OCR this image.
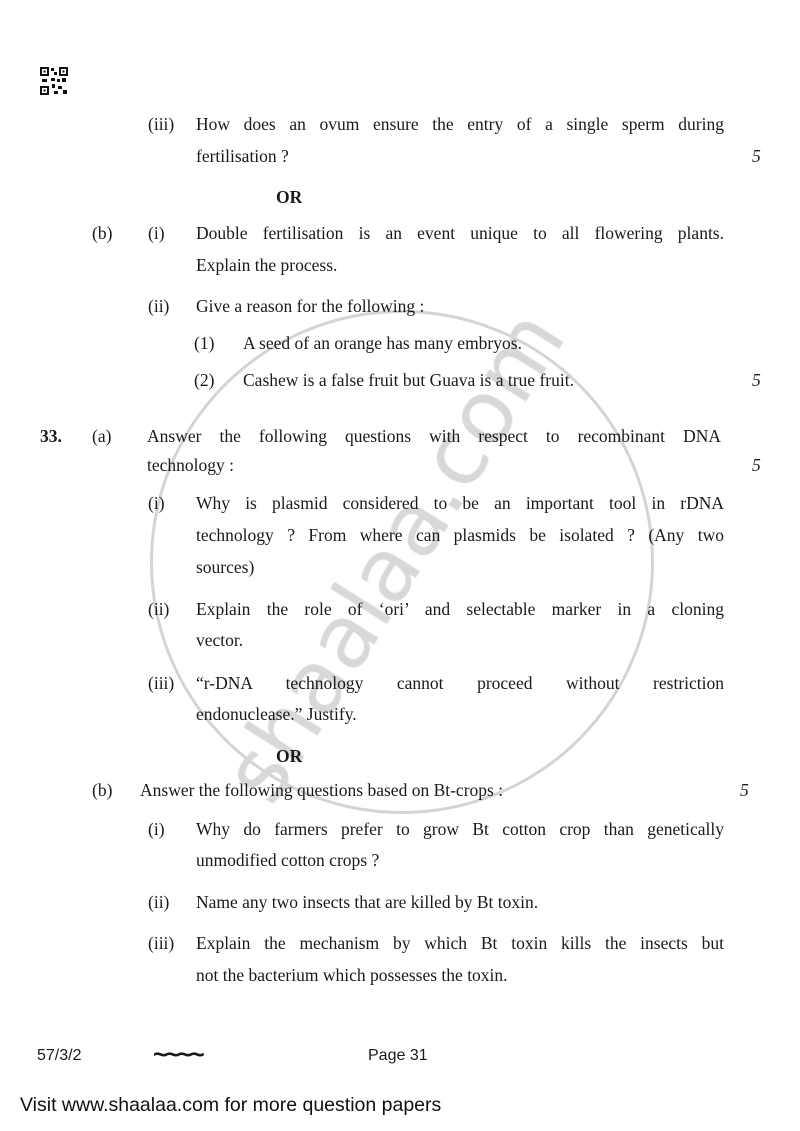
(iii) How does an ovum ensure the entry of a single sperm during
fertilisation ?	5
OR
(b) (i) Double fertilisation is an event unique to all flowering plants.
Explain the process.
(ii) Give a reason for the following :
(1) A seed of an orange has many embryos.
(2) Cashew is a false fruit but Guava is a true fruit.	5
33. (a) Answer the following questions with respect to recombinant DNA
technology :	5
(i) Why is plasmid considered to be an important tool in rDNA
technology ? From where can plasmids be isolated ? (Any two
sources)
(ii) Explain the role of ‘ori’ and selectable marker in a cloning
vector.
(iii) “r-DNA technology cannot proceed without restriction
endonuclease.” Justify.
OR
(b) Answer the following questions based on Bt-crops :	5
(i) Why do farmers prefer to grow Bt cotton crop than genetically
unmodified cotton crops ?
(ii) Name any two insects that are killed by Bt toxin.
(iii) Explain the mechanism by which Bt toxin kills the insects but
not the bacterium which possesses the toxin.
57/3/2	~~~~	Page 31
Visit www.shaalaa.com for more question papers
